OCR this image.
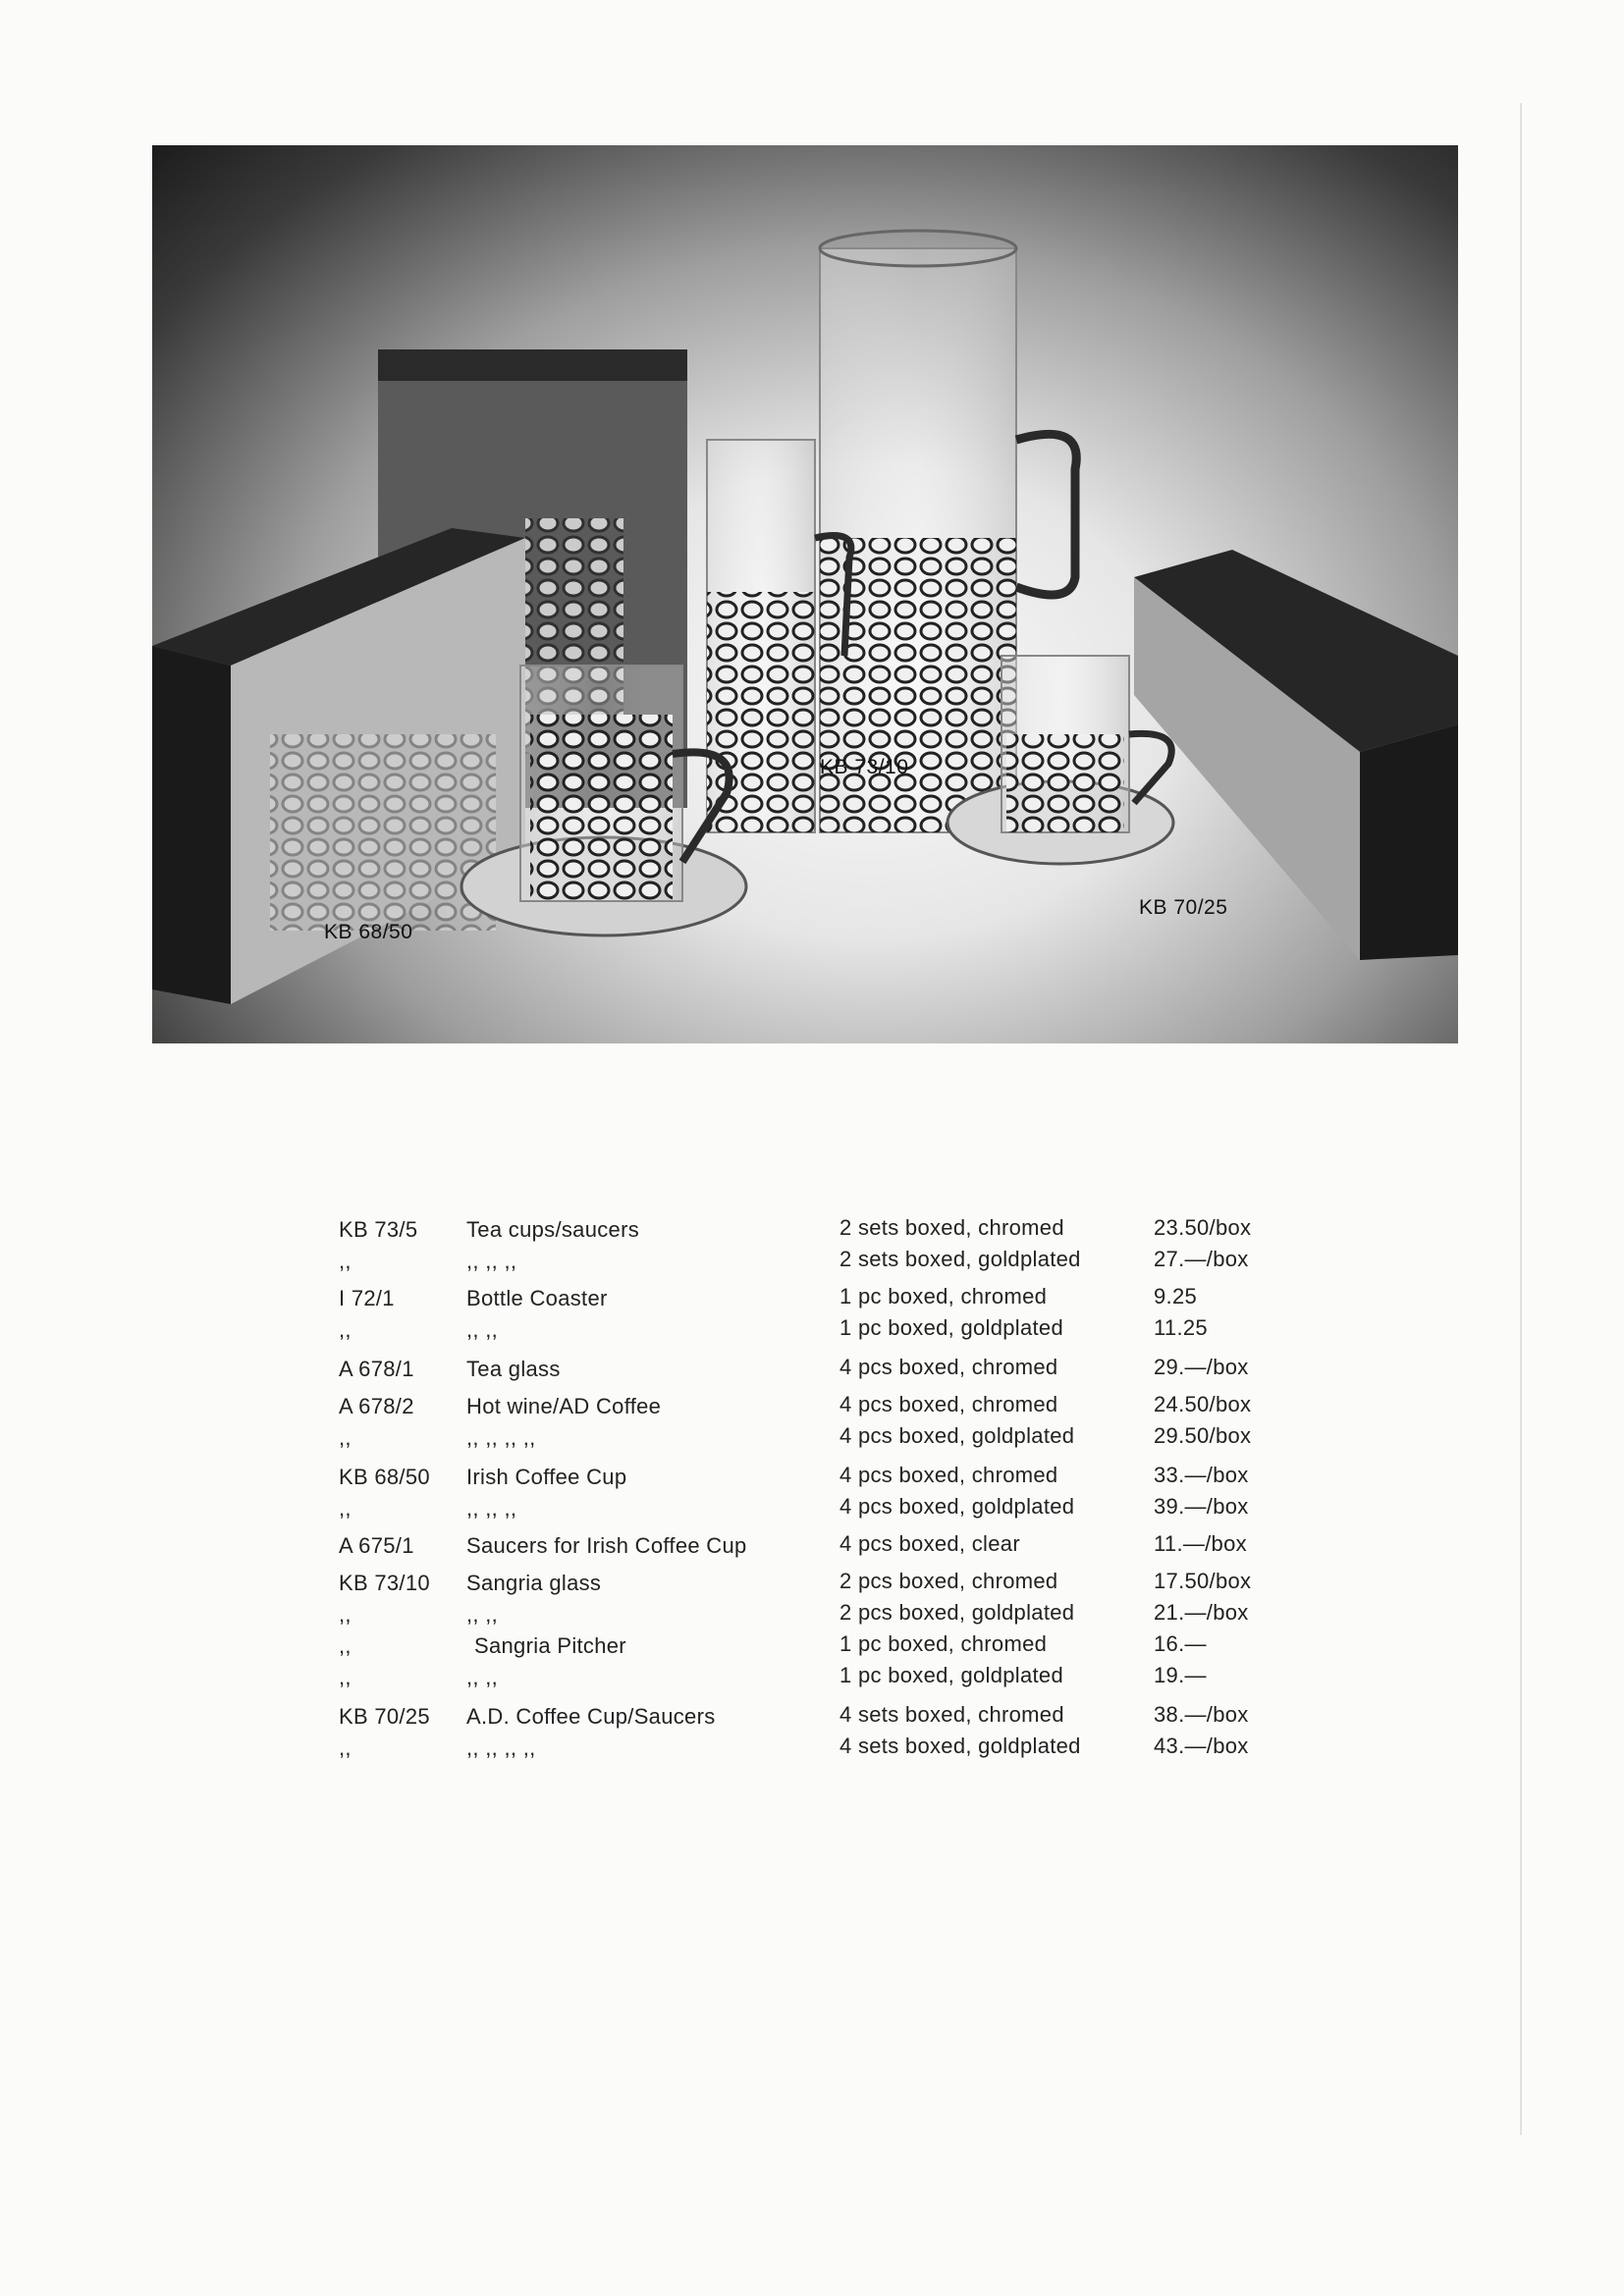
KB 68/50
KB 73/10
KB 70/25
KB 73/5 Tea cups/saucers	2 sets boxed, chromed	23.50/box
,,	,, ,, ,,	2 sets boxed, goldplated	27.—/box
I 72/1	Bottle Coaster	1 pc boxed, chromed	9.25
,,	,, ,,	1 pc boxed, goldplated	11.25
A 678/1 Tea glass	4 pcs boxed, chromed	29.—/box
A 678/2 Hot wine/AD Coffee	4 pcs boxed, chromed	24.50/box
,,	,, ,, ,, ,,	4 pcs boxed, goldplated	29.50/box
KB 68/50 Irish Coffee Cup	4 pcs boxed, chromed	33.—/box
,,	,, ,, ,,	4 pcs boxed, goldplated	39.—/box
A 675/1 Saucers for Irish Coffee Cup	4 pcs boxed, clear	11.—/box
KB 73/10 Sangria glass	2 pcs boxed, chromed	17.50/box
,,	,, ,,	2 pcs boxed, goldplated	21.—/box
,,	Sangria Pitcher	1 pc boxed, chromed	16.—
,,	,, ,,	1 pc boxed, goldplated	19.—
KB 70/25 A.D. Coffee Cup/Saucers	4 sets boxed, chromed	38.—/box
,,	,, ,, ,, ,,	4 sets boxed, goldplated	43.—/box
